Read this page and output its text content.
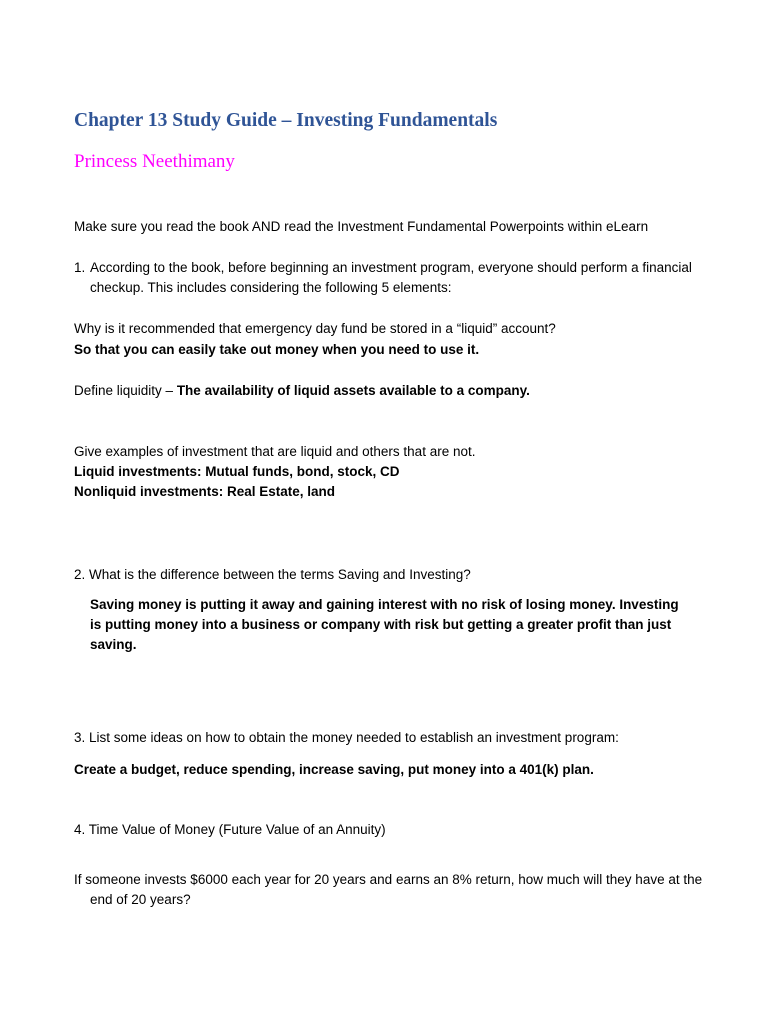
Chapter 13 Study Guide – Investing Fundamentals
Princess Neethimany

Make sure you read the book AND read the Investment Fundamental Powerpoints within eLearn

1. According to the book, before beginning an investment program, everyone should perform a financial checkup. This includes considering the following 5 elements:

Why is it recommended that emergency day fund be stored in a “liquid” account?

So that you can easily take out money when you need to use it.

Define liquidity – The availability of liquid assets available to a company.

Give examples of investment that are liquid and others that are not.

Liquid investments: Mutual funds, bond, stock, CD

Nonliquid investments: Real Estate, land

2. What is the difference between the terms Saving and Investing?

Saving money is putting it away and gaining interest with no risk of losing money. Investing is putting money into a business or company with risk but getting a greater profit than just saving.

3. List some ideas on how to obtain the money needed to establish an investment program:

Create a budget, reduce spending, increase saving, put money into a 401(k) plan.

4. Time Value of Money (Future Value of an Annuity)

If someone invests $6000 each year for 20 years and earns an 8% return, how much will they have at the end of 20 years?
